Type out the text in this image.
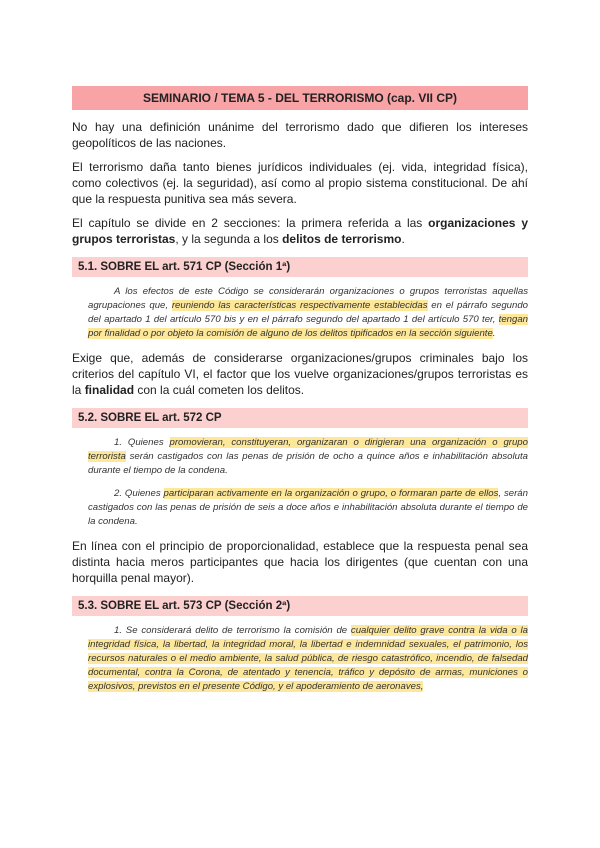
SEMINARIO / TEMA 5 - DEL TERRORISMO (cap. VII CP)

No hay una definición unánime del terrorismo dado que difieren los intereses geopolíticos de las naciones.

El terrorismo daña tanto bienes jurídicos individuales (ej. vida, integridad física), como colectivos (ej. la seguridad), así como al propio sistema constitucional. De ahí que la respuesta punitiva sea más severa.

El capítulo se divide en 2 secciones: la primera referida a las organizaciones y grupos terroristas, y la segunda a los delitos de terrorismo.

5.1. SOBRE EL art. 571 CP (Sección 1ª)

A los efectos de este Código se considerarán organizaciones o grupos terroristas aquellas agrupaciones que, reuniendo las características respectivamente establecidas en el párrafo segundo del apartado 1 del artículo 570 bis y en el párrafo segundo del apartado 1 del artículo 570 ter, tengan por finalidad o por objeto la comisión de alguno de los delitos tipificados en la sección siguiente.

Exige que, además de considerarse organizaciones/grupos criminales bajo los criterios del capítulo VI, el factor que los vuelve organizaciones/grupos terroristas es la finalidad con la cuál cometen los delitos.

5.2. SOBRE EL art. 572 CP

1. Quienes promovieran, constituyeran, organizaran o dirigieran una organización o grupo terrorista serán castigados con las penas de prisión de ocho a quince años e inhabilitación absoluta durante el tiempo de la condena.

2. Quienes participaran activamente en la organización o grupo, o formaran parte de ellos, serán castigados con las penas de prisión de seis a doce años e inhabilitación absoluta durante el tiempo de la condena.

En línea con el principio de proporcionalidad, establece que la respuesta penal sea distinta hacia meros participantes que hacia los dirigentes (que cuentan con una horquilla penal mayor).

5.3. SOBRE EL art. 573 CP (Sección 2ª)

1. Se considerará delito de terrorismo la comisión de cualquier delito grave contra la vida o la integridad física, la libertad, la integridad moral, la libertad e indemnidad sexuales, el patrimonio, los recursos naturales o el medio ambiente, la salud pública, de riesgo catastrófico, incendio, de falsedad documental, contra la Corona, de atentado y tenencia, tráfico y depósito de armas, municiones o explosivos, previstos en el presente Código, y el apoderamiento de aeronaves,
